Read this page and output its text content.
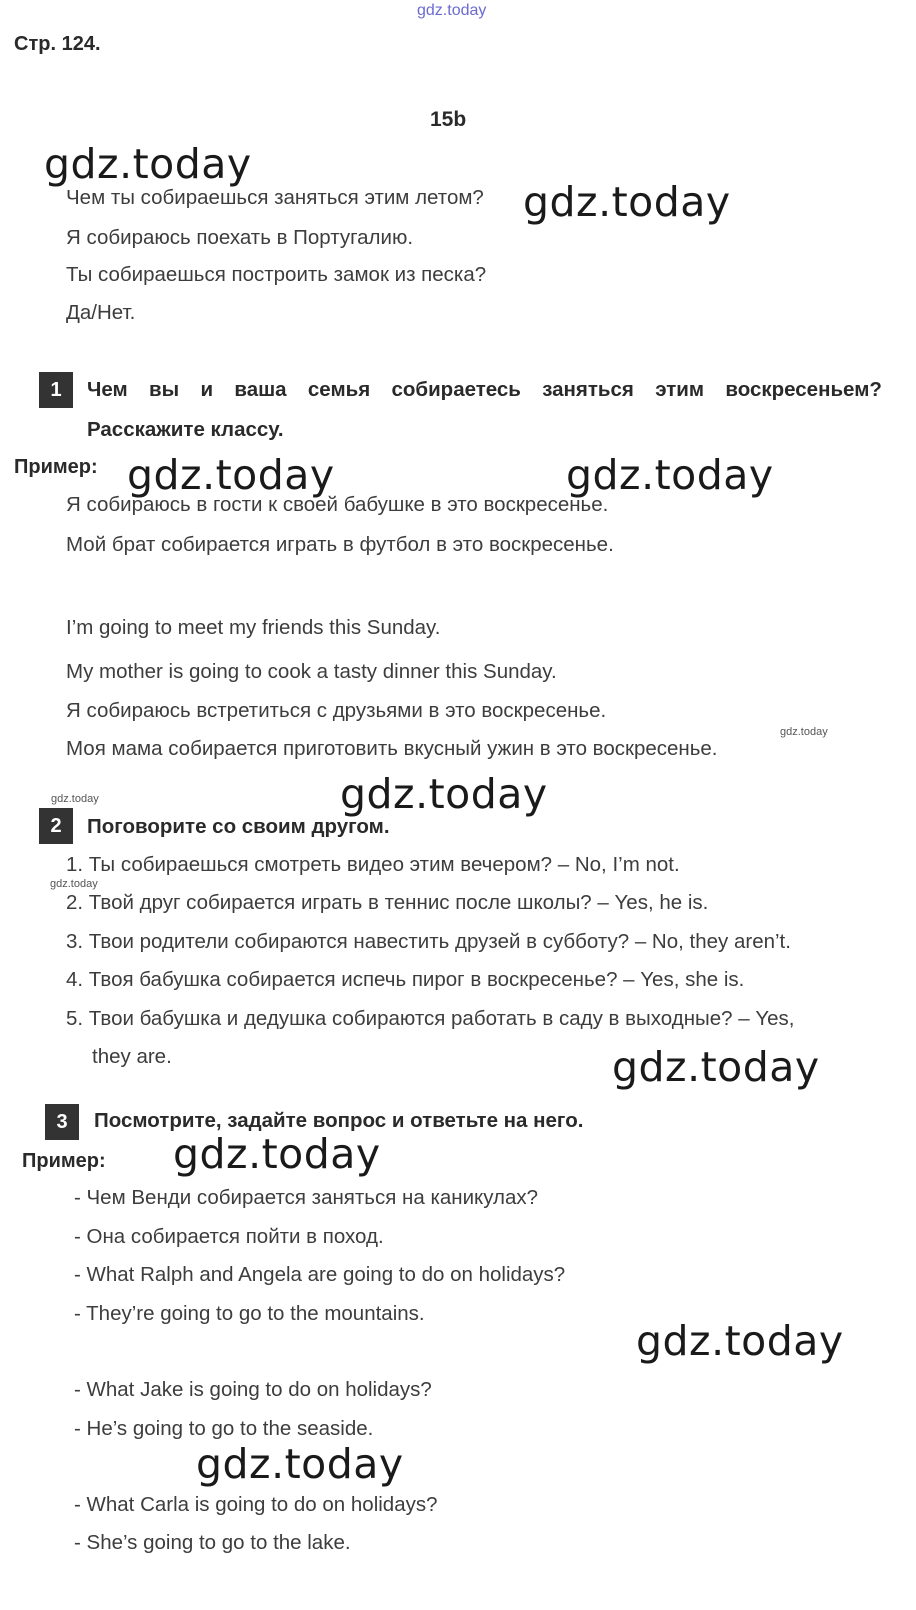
gdz.today
Стр. 124.
15b
gdz.today
gdz.today
gdz.today	gdz.today
gdz.today
gdz.today
gdz.today
gdz.today
gdz.today
gdz.today
gdz.today
gdz.today
Чем ты собираешься заняться этим летом?
Я собираюсь поехать в Португалию.
Ты собираешься построить замок из песка?
Да/Нет.
1	Чем вы и ваша семья собираетесь заняться этим воскресеньем?
Расскажите классу.
Пример:
Я собираюсь в гости к своей бабушке в это воскресенье.
Мой брат собирается играть в футбол в это воскресенье.
I’m going to meet my friends this Sunday.
My mother is going to cook a tasty dinner this Sunday.
Я собираюсь встретиться с друзьями в это воскресенье.
Моя мама собирается приготовить вкусный ужин в это воскресенье.
2	Поговорите со своим другом.
1. Ты собираешься смотреть видео этим вечером? – No, I’m not.
2. Твой друг собирается играть в теннис после школы? – Yes, he is.
3. Твои родители собираются навестить друзей в субботу? – No, they aren’t.
4. Твоя бабушка собирается испечь пирог в воскресенье? – Yes, she is.
5. Твои бабушка и дедушка собираются работать в саду в выходные? – Yes,
they are.
3	Посмотрите, задайте вопрос и ответьте на него.
Пример:
- Чем Венди собирается заняться на каникулах?
- Она собирается пойти в поход.
- What Ralph and Angela are going to do on holidays?
- They’re going to go to the mountains.
- What Jake is going to do on holidays?
- He’s going to go to the seaside.
- What Carla is going to do on holidays?
- She’s going to go to the lake.
